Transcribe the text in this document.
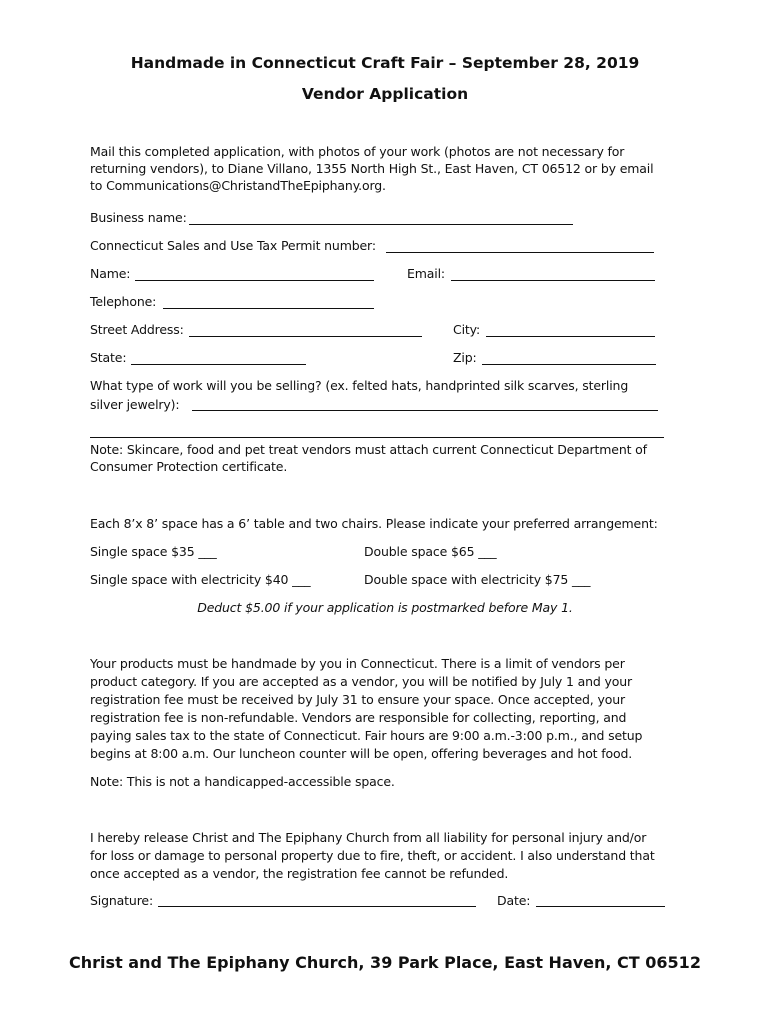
Handmade in Connecticut Craft Fair – September 28, 2019
Vendor Application
Mail this completed application, with photos of your work (photos are not necessary for
returning vendors), to Diane Villano, 1355 North High St., East Haven, CT 06512 or by email
to Communications@ChristandTheEpiphany.org.
Business name:
Connecticut Sales and Use Tax Permit number:
Name:	Email:
Telephone:
Street Address:	City:
State:	Zip:
What type of work will you be selling? (ex. felted hats, handprinted silk scarves, sterling
silver jewelry):
Note: Skincare, food and pet treat vendors must attach current Connecticut Department of
Consumer Protection certificate.
Each 8’x 8’ space has a 6’ table and two chairs. Please indicate your preferred arrangement:
Single space $35 ___	Double space $65 ___
Single space with electricity $40 ___	Double space with electricity $75 ___
Deduct $5.00 if your application is postmarked before May 1.
Your products must be handmade by you in Connecticut. There is a limit of vendors per
product category. If you are accepted as a vendor, you will be notified by July 1 and your
registration fee must be received by July 31 to ensure your space. Once accepted, your
registration fee is non-refundable. Vendors are responsible for collecting, reporting, and
paying sales tax to the state of Connecticut. Fair hours are 9:00 a.m.-3:00 p.m., and setup
begins at 8:00 a.m. Our luncheon counter will be open, offering beverages and hot food.
Note: This is not a handicapped-accessible space.
I hereby release Christ and The Epiphany Church from all liability for personal injury and/or
for loss or damage to personal property due to fire, theft, or accident. I also understand that
once accepted as a vendor, the registration fee cannot be refunded.
Signature:	Date:
Christ and The Epiphany Church, 39 Park Place, East Haven, CT 06512
